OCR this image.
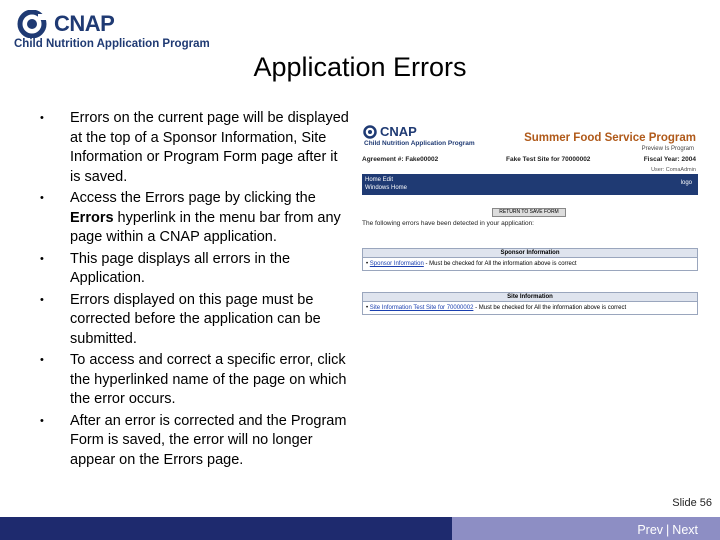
CNAP
Child Nutrition Application Program
Application Errors
• Errors on the current page will be displayed at the top of a Sponsor Information, Site Information or Program Form page after it is saved.
• Access the Errors page by clicking the Errors hyperlink in the menu bar from any page within a CNAP application.
• This page displays all errors in the Application.
• Errors displayed on this page must be corrected before the application can be submitted.
• To access and correct a specific error, click the hyperlinked name of the page on which the error occurs.
• After an error is corrected and the Program Form is saved, the error will no longer appear on the Errors page.
CNAP
Child Nutrition Application Program	Summer Food Service Program
Preview Is Program
Agreement #: Fake00002	Fake Test Site for 70000002	Fiscal Year: 2004
User: ComaAdmin
Home Edit
Windows Home
logo
RETURN TO SAVE FORM
The following errors have been detected in your application:
Sponsor Information
• Sponsor Information - Must be checked for All the information above is correct
Site Information
• Site Information Test Site for 70000002 - Must be checked for All the information above is correct
Slide 56
Prev | Next
